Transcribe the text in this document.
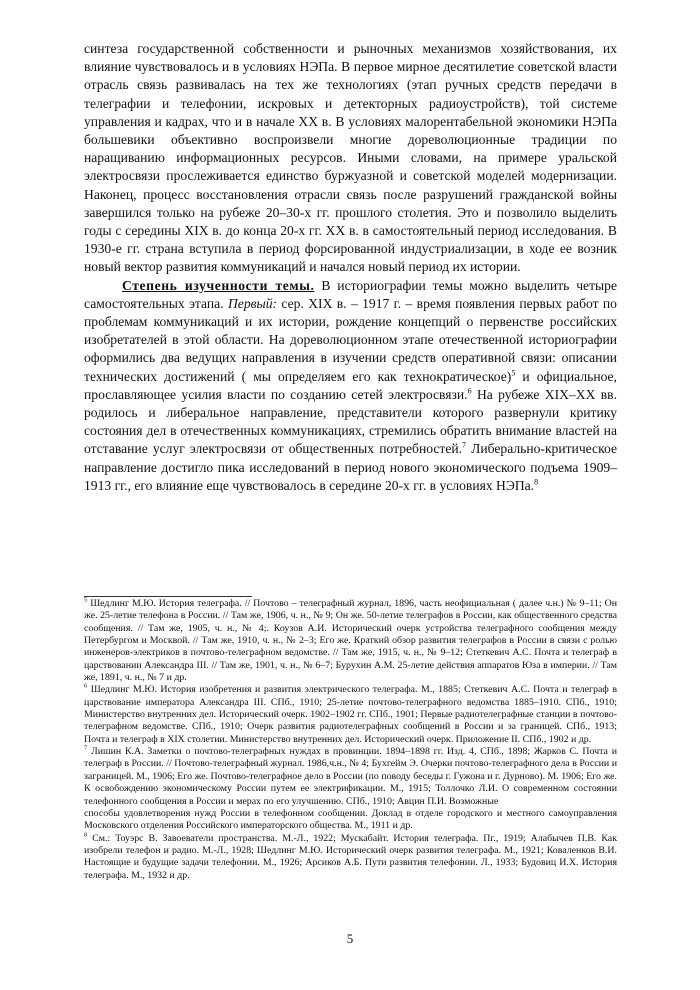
синтеза государственной собственности и рыночных механизмов хозяйствования, их влияние чувствовалось и в условиях НЭПа. В первое мирное десятилетие советской власти отрасль связь развивалась на тех же технологиях (этап ручных средств передачи в телеграфии и телефонии, искровых и детекторных радиоустройств), той системе управления и кадрах, что и в начале XX в. В условиях малорентабельной экономики НЭПа большевики объективно воспроизвели многие дореволюционные традиции по наращиванию информационных ресурсов. Иными словами, на примере уральской электросвязи прослеживается единство буржуазной и советской моделей модернизации. Наконец, процесс восстановления отрасли связь после разрушений гражданской войны завершился только на рубеже 20–30-х гг. прошлого столетия. Это и позволило выделить годы с середины XIX в. до конца 20-х гг. XX в. в самостоятельный период исследования. В 1930-е гг. страна вступила в период форсированной индустриализации, в ходе ее возник новый вектор развития коммуникаций и начался новый период их истории.

Степень изученности темы. В историографии темы можно выделить четыре самостоятельных этапа. Первый: сер. XIX в. – 1917 г. – время появления первых работ по проблемам коммуникаций и их истории, рождение концепций о первенстве российских изобретателей в этой области. На дореволюционном этапе отечественной историографии оформились два ведущих направления в изучении средств оперативной связи: описании технических достижений ( мы определяем его как технократическое)$^5$ и официальное, прославляющее усилия власти по созданию сетей электросвязи.$^6$ На рубеже XIX–XX вв. родилось и либеральное направление, представители которого развернули критику состояния дел в отечественных коммуникациях, стремились обратить внимание властей на отставание услуг электросвязи от общественных потребностей.$^7$ Либерально-критическое направление достигло пика исследований в период нового экономического подъема 1909–1913 гг., его влияние еще чувствовалось в середине 20-х гг. в условиях НЭПа.$^8$

$^5$ Шедлинг М.Ю. История телеграфа. // Почтово – телеграфный журнал, 1896, часть неофициальная ( далее ч.н.) № 9–11; Он же. 25-летие телефона в России. // Там же, 1906, ч. н., № 9; Он же. 50-летие телеграфов в России, как общественного средства сообщения. // Там же, 1905, ч. н., № 4;. Коузов А.И. Исторический очерк устройства телеграфного сообщения между Петербургом и Москвой. // Там же, 1910, ч. н., № 2–3; Его же. Краткий обзор развития телеграфов в России в связи с ролью инженеров-электриков в почтово-телеграфном ведомстве. // Там же, 1915, ч. н., № 9–12; Стеткевич А.С. Почта и телеграф в царствовании Александра III. // Там же, 1901, ч. н., № 6–7; Бурухин А.М. 25-летие действия аппаратов Юза в империи. // Там же, 1891, ч. н., № 7 и др.

$^6$ Шедлинг М.Ю. История изобретения и развития электрического телеграфа. М., 1885; Стеткевич А.С. Почта и телеграф в царствование императора Александра III. СПб., 1910; 25-летие почтово-телеграфного ведомства 1885–1910. СПб., 1910; Министерство внутренних дел. Исторический очерк. 1902–1902 гг. СПб., 1901; Первые радиотелеграфные станции в почтово-телеграфном ведомстве. СПб., 1910; Очерк развития радиотелеграфных сообщений в России и за границей. СПб., 1913; Почта и телеграф в XIX столетии. Министерство внутренних дел. Исторический очерк. Приложение II. СПб., 1902 и др.

$^7$ Лишин К.А. Заметки о почтово-телеграфных нуждах в провинции. 1894–1898 гг. Изд. 4, СПб., 1898; Жарков С. Почта и телеграф в России. // Почтово-телеграфный журнал. 1986,ч.н., № 4; Бухгейм Э. Очерки почтово-телеграфного дела в России и заграницей. М., 1906; Его же. Почтово-телеграфное дело в России (по поводу беседы г. Гужона и г. Дурново). М. 1906; Его же. К освобождению экономическому России путем ее электрификации. М., 1915; Толлочко Л.И. О современном состоянии телефонного сообщения в России и мерах по его улучшению. СПб., 1910; Авцин П.И. Возможные

способы удовлетворения нужд России в телефонном сообщении. Доклад в отделе городского и местного самоуправления Московского отделения Российского императорского общества. М., 1911 и др.

$^8$ См.: Тоуэрс В. Завоеватели пространства. М.-Л., 1922; Мускабайт. История телеграфа. Пг., 1919; Алабычев П.В. Как изобрели телефон и радио. М.-Л., 1928; Шедлинг М.Ю. Исторический очерк развития телеграфа. М., 1921; Коваленков В.И. Настоящие и будущие задачи телефонии. М., 1926; Арсиков А.Б. Пути развития телефонии. Л., 1933; Будовиц И.Х. История телеграфа. М., 1932 и др.

5
